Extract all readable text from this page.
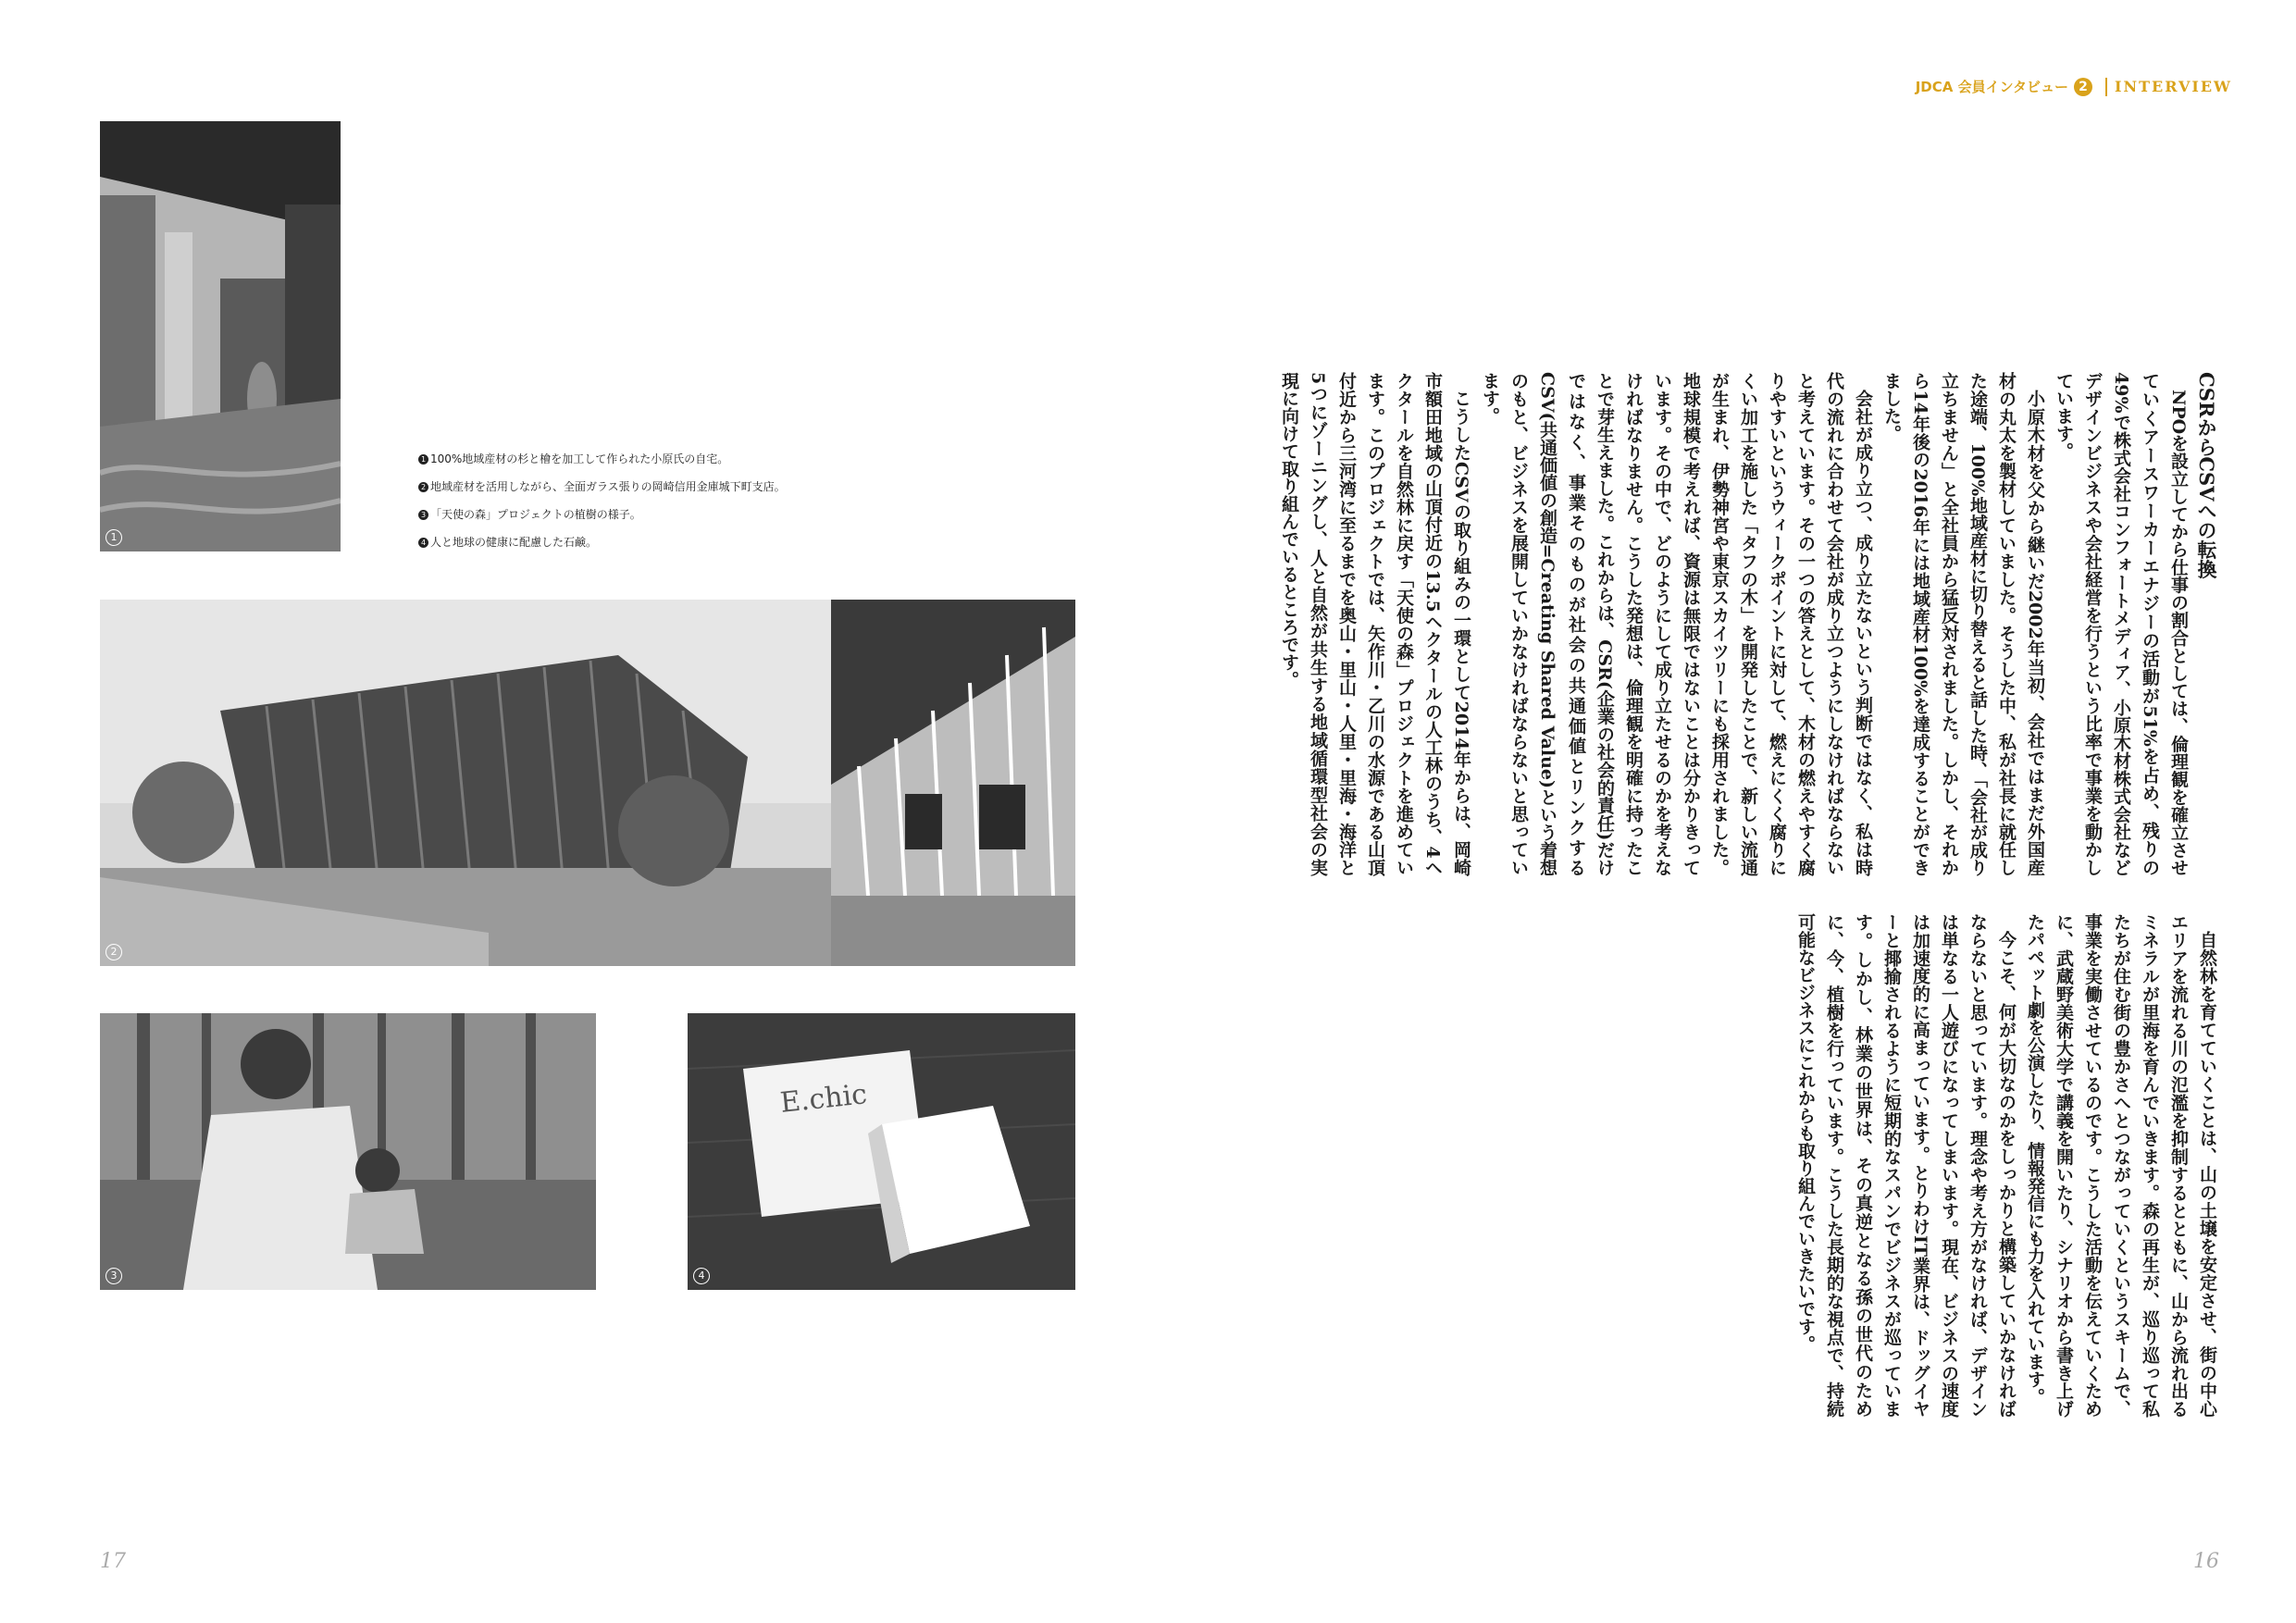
1
1 100%地域産材の杉と檜を加工して作られた小原氏の自宅。
2 地域産材を活用しながら、全面ガラス張りの岡崎信用金庫城下町支店。
3 「天使の森」プロジェクトの植樹の様子。
4 人と地球の健康に配慮した石鹸。
2
3
E.chic
4
JDCA 会員インタビュー 2	INTERVIEW
CSRからCSVへの転換

NPOを設立してから仕事の割合としては、倫理観を確立させていくアースワーカーエナジーの活動が51%を占め、残りの49%で株式会社コンフォートメディア、小原木材株式会社などデザインビジネスや会社経営を行うという比率で事業を動かしています。

小原木材を父から継いだ2002年当初、会社ではまだ外国産材の丸太を製材していました。そうした中、私が社長に就任した途端、100%地域産材に切り替えると話した時、「会社が成り立ちません」と全社員から猛反対されました。しかし、それから14年後の2016年には地域産材100%を達成することができました。

会社が成り立つ、成り立たないという判断ではなく、私は時代の流れに合わせて会社が成り立つようにしなければならないと考えています。その一つの答えとして、木材の燃えやすく腐りやすいというウィークポイントに対して、燃えにくく腐りにくい加工を施した「タフの木」を開発したことで、新しい流通が生まれ、伊勢神宮や東京スカイツリーにも採用されました。地球規模で考えれば、資源は無限ではないことは分かりきっています。その中で、どのようにして成り立たせるのかを考えなければなりません。こうした発想は、倫理観を明確に持ったことで芽生えました。これからは、CSR(企業の社会的責任)だけではなく、事業そのものが社会の共通価値とリンクするCSV(共通価値の創造=Creating Shared Value)という着想のもと、ビジネスを展開していかなければならないと思っています。

こうしたCSVの取り組みの一環として2014年からは、岡崎市額田地域の山頂付近の13.5ヘクタールの人工林のうち、4ヘクタールを自然林に戻す「天使の森」プロジェクトを進めています。このプロジェクトでは、矢作川・乙川の水源である山頂付近から三河湾に至るまでを奥山・里山・人里・里海・海洋と5つにゾーニングし、人と自然が共生する地域循環型社会の実現に向けて取り組んでいるところです。

自然林を育てていくことは、山の土壌を安定させ、街の中心エリアを流れる川の氾濫を抑制するとともに、山から流れ出るミネラルが里海を育んでいきます。森の再生が、巡り巡って私たちが住む街の豊かさへとつながっていくというスキームで、事業を実働させているのです。こうした活動を伝えていくために、武蔵野美術大学で講義を開いたり、シナリオから書き上げたパペット劇を公演したり、情報発信にも力を入れています。

今こそ、何が大切なのかをしっかりと構築していかなければならないと思っています。理念や考え方がなければ、デザインは単なる一人遊びになってしまいます。現在、ビジネスの速度は加速度的に高まっています。とりわけIT業界は、ドッグイヤーと揶揄されるように短期的なスパンでビジネスが巡っています。しかし、林業の世界は、その真逆となる孫の世代のために、今、植樹を行っています。こうした長期的な視点で、持続可能なビジネスにこれからも取り組んでいきたいです。

17	16
